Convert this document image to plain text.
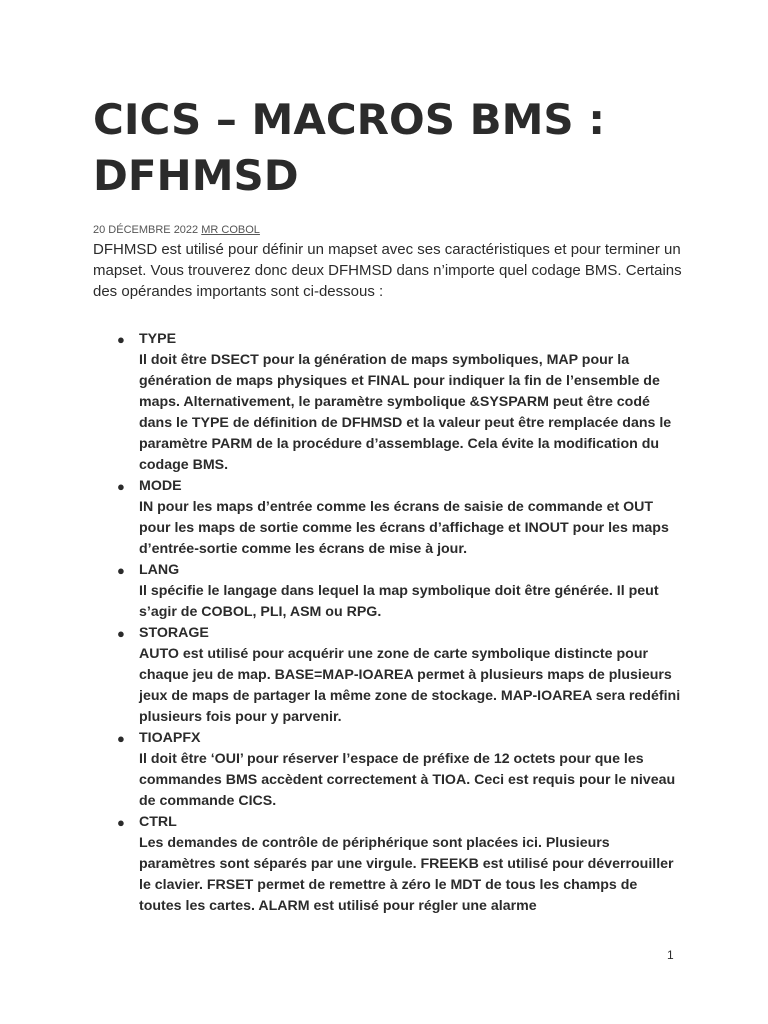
CICS – MACROS BMS : DFHMSD
20 DÉCEMBRE 2022 MR COBOL

DFHMSD est utilisé pour définir un mapset avec ses caractéristiques et pour terminer un mapset. Vous trouverez donc deux DFHMSD dans n’importe quel codage BMS. Certains des opérandes importants sont ci-dessous :

● TYPE
Il doit être DSECT pour la génération de maps symboliques, MAP pour la génération de maps physiques et FINAL pour indiquer la fin de l’ensemble de maps. Alternativement, le paramètre symbolique &SYSPARM peut être codé dans le TYPE de définition de DFHMSD et la valeur peut être remplacée dans le paramètre PARM de la procédure d’assemblage. Cela évite la modification du codage BMS.
● MODE
IN pour les maps d’entrée comme les écrans de saisie de commande et OUT pour les maps de sortie comme les écrans d’affichage et INOUT pour les maps d’entrée-sortie comme les écrans de mise à jour.
● LANG
Il spécifie le langage dans lequel la map symbolique doit être générée. Il peut s’agir de COBOL, PLI, ASM ou RPG.
● STORAGE
AUTO est utilisé pour acquérir une zone de carte symbolique distincte pour chaque jeu de map. BASE=MAP-IOAREA permet à plusieurs maps de plusieurs jeux de maps de partager la même zone de stockage. MAP-IOAREA sera redéfini plusieurs fois pour y parvenir.
● TIOAPFX
Il doit être ‘OUI’ pour réserver l’espace de préfixe de 12 octets pour que les commandes BMS accèdent correctement à TIOA. Ceci est requis pour le niveau de commande CICS.
● CTRL
Les demandes de contrôle de périphérique sont placées ici. Plusieurs paramètres sont séparés par une virgule. FREEKB est utilisé pour déverrouiller le clavier. FRSET permet de remettre à zéro le MDT de tous les champs de toutes les cartes. ALARM est utilisé pour régler une alarme
1
